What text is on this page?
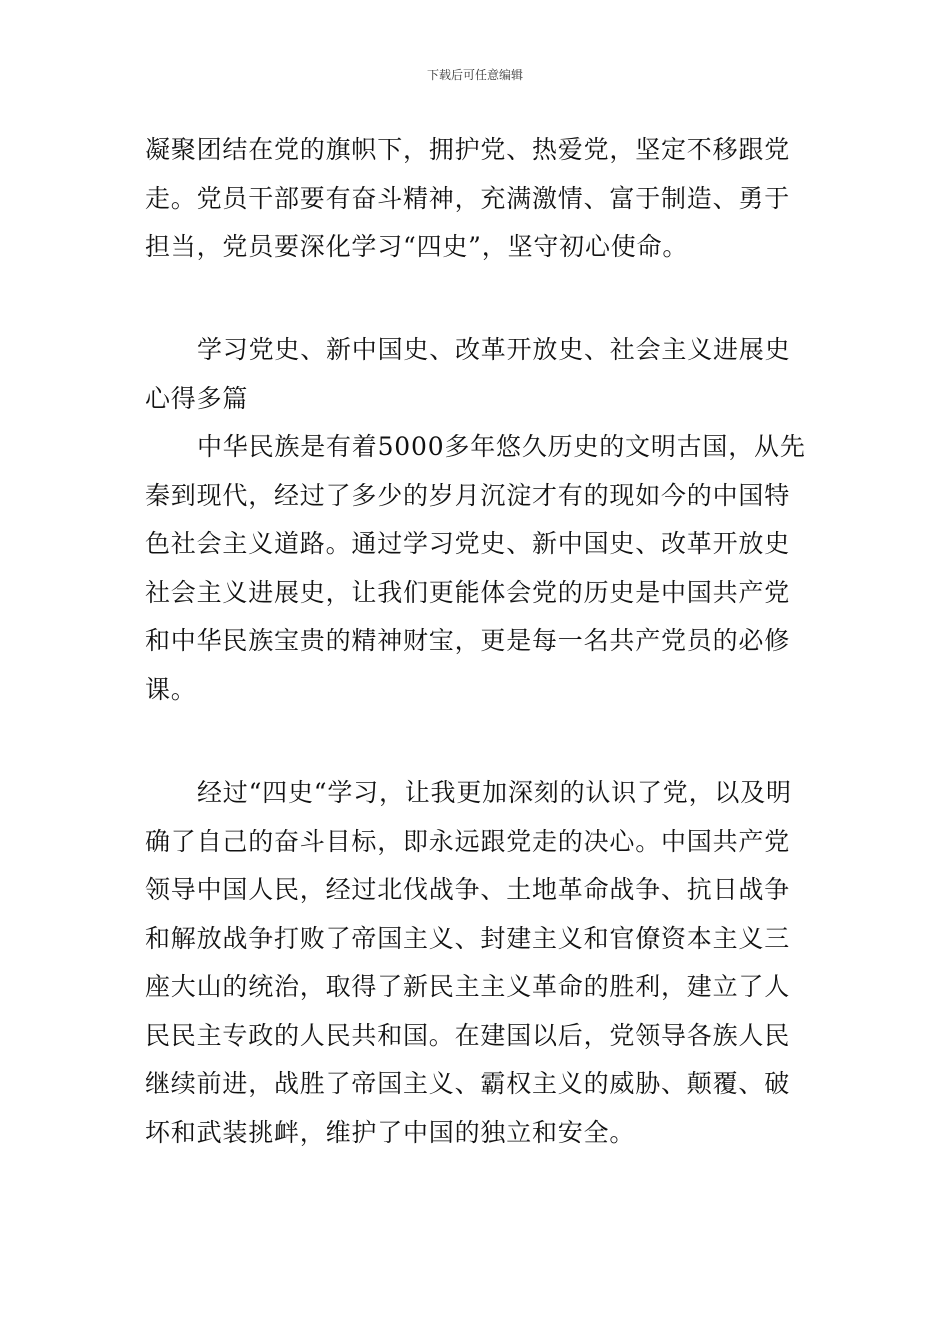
下载后可任意编辑

凝聚团结在党的旗帜下，拥护党、热爱党，坚定不移跟党走。党员干部要有奋斗精神，充满激情、富于制造、勇于担当，党员要深化学习“四史”，坚守初心使命。

学习党史、新中国史、改革开放史、社会主义进展史心得多篇

中华民族是有着5000多年悠久历史的文明古国，从先秦到现代，经过了多少的岁月沉淀才有的现如今的中国特色社会主义道路。通过学习党史、新中国史、改革开放史社会主义进展史，让我们更能体会党的历史是中国共产党和中华民族宝贵的精神财宝，更是每一名共产党员的必修课。

经过“四史“学习，让我更加深刻的认识了党，以及明确了自己的奋斗目标，即永远跟党走的决心。中国共产党领导中国人民，经过北伐战争、土地革命战争、抗日战争和解放战争打败了帝国主义、封建主义和官僚资本主义三座大山的统治，取得了新民主主义革命的胜利，建立了人民民主专政的人民共和国。在建国以后，党领导各族人民继续前进，战胜了帝国主义、霸权主义的威胁、颠覆、破坏和武装挑衅，维护了中国的独立和安全。
